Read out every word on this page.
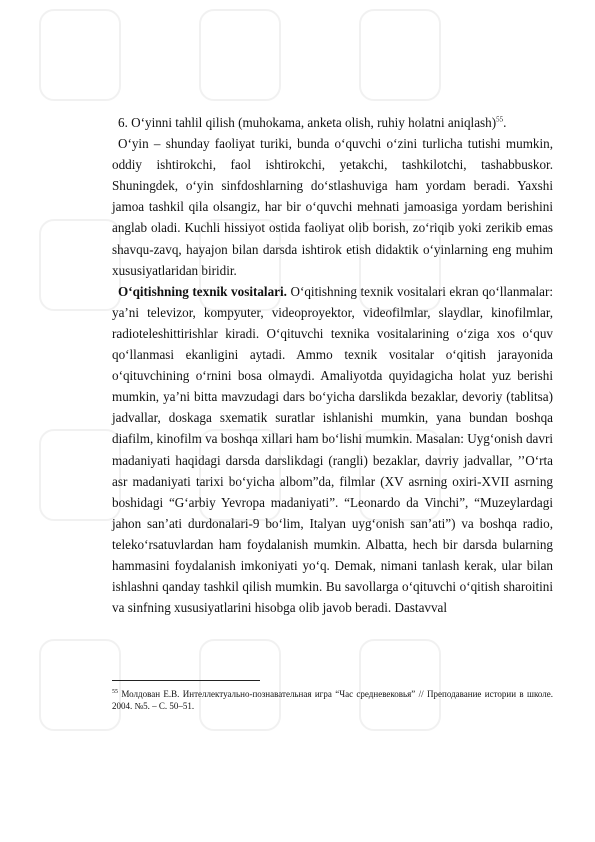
6. O‘yinni tahlil qilish (muhokama, anketa olish, ruhiy holatni aniqlash)$^{55}$.

O‘yin – shunday faoliyat turiki, bunda o‘quvchi o‘zini turlicha tutishi mumkin, oddiy ishtirokchi, faol ishtirokchi, yetakchi, tashkilotchi, tashabbuskor. Shuningdek, o‘yin sinfdoshlarning do‘stlashuviga ham yordam beradi. Yaxshi jamoa tashkil qila olsangiz, har bir o‘quvchi mehnati jamoasiga yordam berishini anglab oladi. Kuchli hissiyot ostida faoliyat olib borish, zo‘riqib yoki zerikib emas shavqu-zavq, hayajon bilan darsda ishtirok etish didaktik o‘yinlarning eng muhim xususiyatlaridan biridir.

O‘qitishning texnik vositalari. O‘qitishning texnik vositalari ekran qo‘llanmalar: ya’ni televizor, kompyuter, videoproyektor, videofilmlar, slaydlar, kinofilmlar, radioteleshittirishlar kiradi. O‘qituvchi texnika vositalarining o‘ziga xos o‘quv qo‘llanmasi ekanligini aytadi. Ammo texnik vositalar o‘qitish jarayonida o‘qituvchining o‘rnini bosa olmaydi. Amaliyotda quyidagicha holat yuz berishi mumkin, ya’ni bitta mavzudagi dars bo‘yicha darslikda bezaklar, devoriy (tablitsa) jadvallar, doskaga sxematik suratlar ishlanishi mumkin, yana bundan boshqa diafilm, kinofilm va boshqa xillari ham bo‘lishi mumkin. Masalan: Uyg‘onish davri madaniyati haqidagi darsda darslikdagi (rangli) bezaklar, davriy jadvallar, ’’O‘rta asr madaniyati tarixi bo‘yicha albom”da, filmlar (XV asrning oxiri-XVII asrning boshidagi “G‘arbiy Yevropa madaniyati”. “Leonardo da Vinchi”, “Muzeylardagi jahon san’ati durdonalari-9 bo‘lim, Italyan uyg‘onish san’ati”) va boshqa radio, teleko‘rsatuvlardan ham foydalanish mumkin. Albatta, hech bir darsda bularning hammasini foydalanish imkoniyati yo‘q. Demak, nimani tanlash kerak, ular bilan ishlashni qanday tashkil qilish mumkin. Bu savollarga o‘qituvchi o‘qitish sharoitini va sinfning xususiyatlarini hisobga olib javob beradi. Dastavval

$^{55}$ Молдован Е.В. Интеллектуально-познавательная игра “Час средневековья” // Преподавание истории в школе. 2004. №5. – С. 50–51.
